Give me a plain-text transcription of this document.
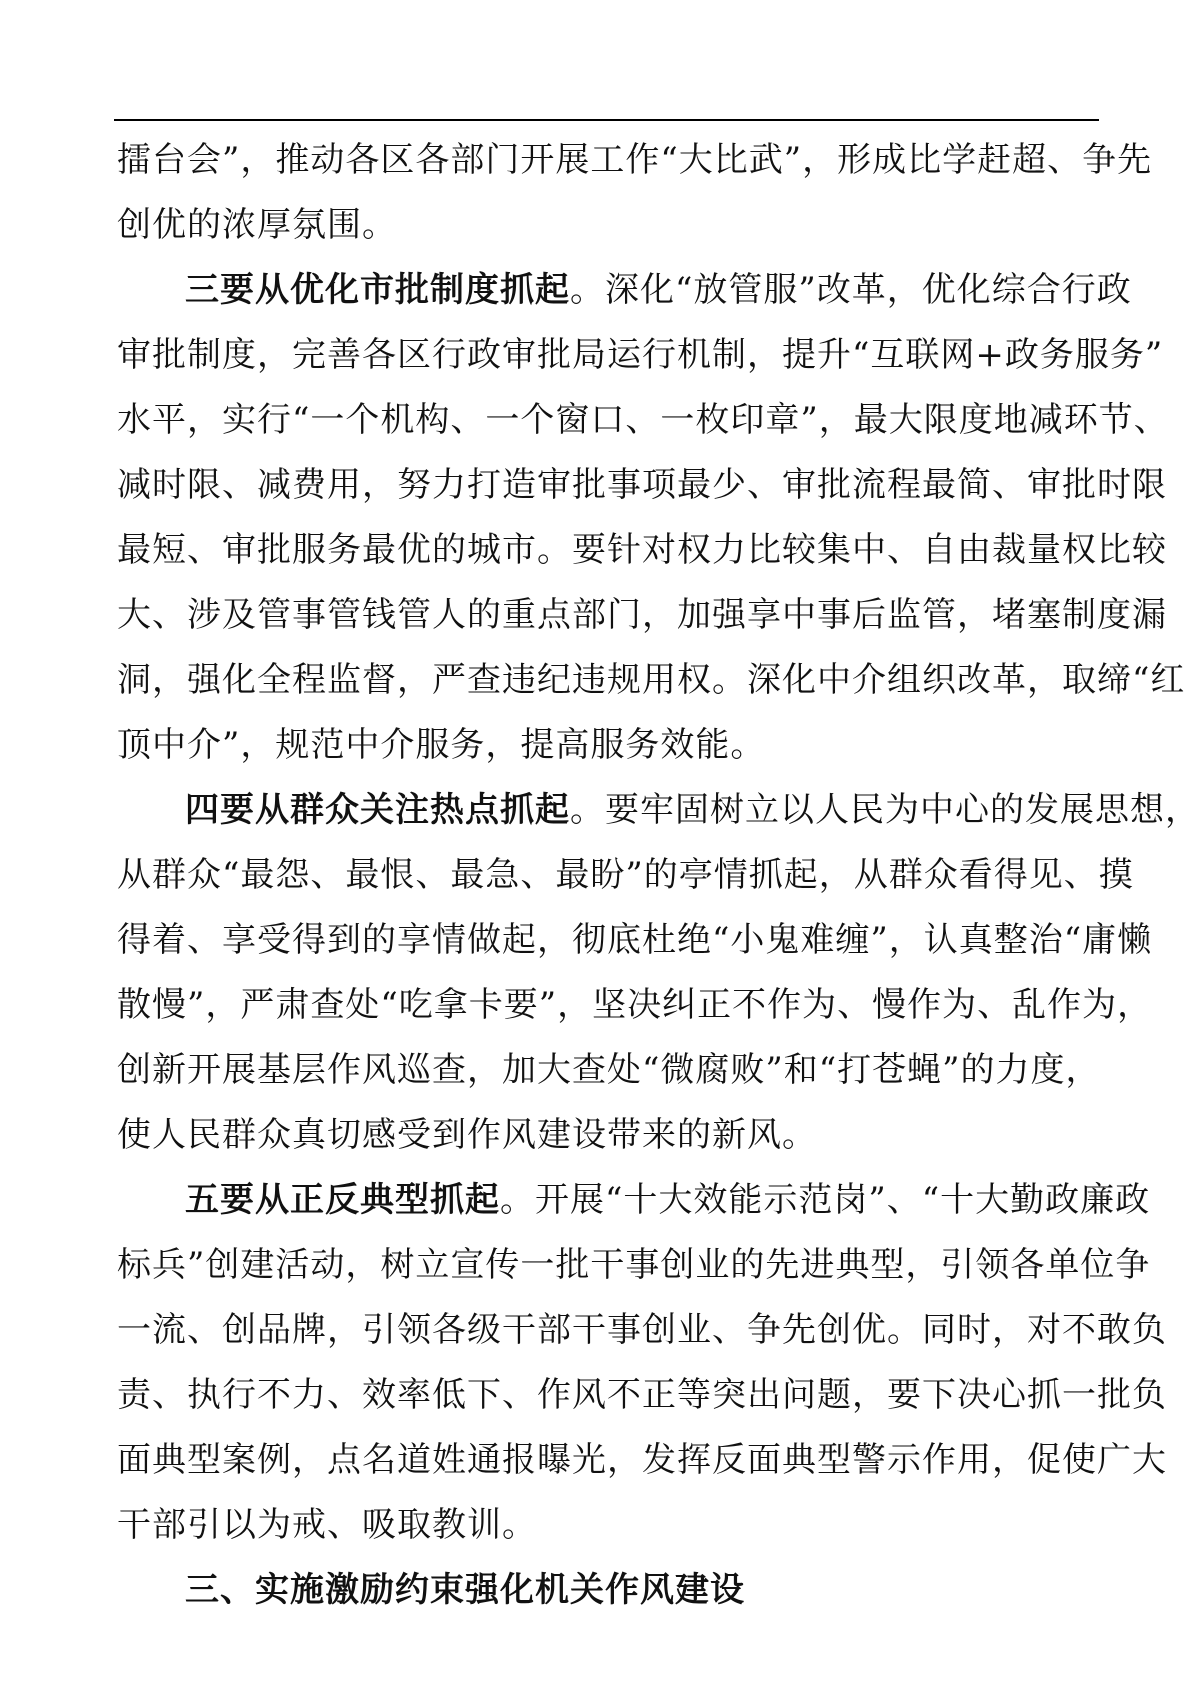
擂台会”，推动各区各部门开展工作“大比武”，形成比学赶超、争先
创优的浓厚氛围。
三要从优化市批制度抓起。深化“放管服”改革，优化综合行政
审批制度，完善各区行政审批局运行机制，提升“互联网+政务服务”
水平，实行“一个机构、一个窗口、一枚印章”，最大限度地减环节、
减时限、减费用，努力打造审批事项最少、审批流程最简、审批时限
最短、审批服务最优的城市。要针对权力比较集中、自由裁量权比较
大、涉及管事管钱管人的重点部门，加强享中事后监管，堵塞制度漏
洞，强化全程监督，严查违纪违规用权。深化中介组织改革，取缔“红
顶中介”，规范中介服务，提高服务效能。
四要从群众关注热点抓起。要牢固树立以人民为中心的发展思想，
从群众“最怨、最恨、最急、最盼”的亭情抓起，从群众看得见、摸
得着、享受得到的享情做起，彻底杜绝“小鬼难缠”，认真整治“庸懒
散慢”，严肃查处“吃拿卡要”，坚决纠正不作为、慢作为、乱作为，
创新开展基层作风巡查，加大查处“微腐败”和“打苍蝇”的力度，
使人民群众真切感受到作风建设带来的新风。
五要从正反典型抓起。开展“十大效能示范岗”、“十大勤政廉政
标兵”创建活动，树立宣传一批干事创业的先进典型，引领各单位争
一流、创品牌，引领各级干部干事创业、争先创优。同时，对不敢负
责、执行不力、效率低下、作风不正等突出问题，要下决心抓一批负
面典型案例，点名道姓通报曝光，发挥反面典型警示作用，促使广大
干部引以为戒、吸取教训。
三、实施激励约束强化机关作风建设
